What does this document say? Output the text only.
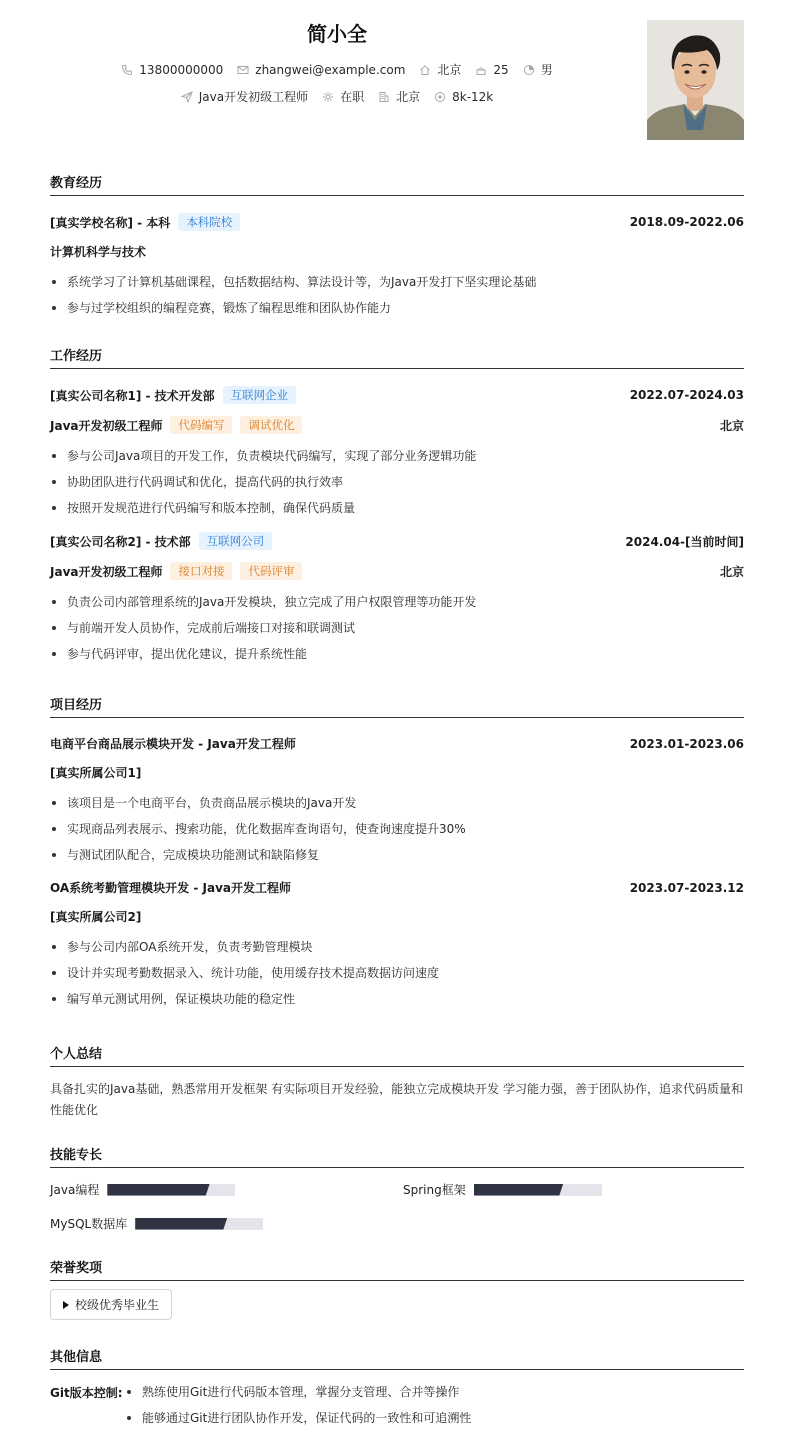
简小全
13800000000	zhangwei@example.com	北京	25	男
Java开发初级工程师	在职	北京	8k-12k
教育经历
[真实学校名称] - 本科	本科院校	2018.09-2022.06
计算机科学与技术
系统学习了计算机基础课程，包括数据结构、算法设计等，为Java开发打下坚实理论基础
参与过学校组织的编程竞赛，锻炼了编程思维和团队协作能力
工作经历
[真实公司名称1] - 技术开发部	互联网企业	2022.07-2024.03
Java开发初级工程师	代码编写	调试优化	北京
参与公司Java项目的开发工作，负责模块代码编写，实现了部分业务逻辑功能
协助团队进行代码调试和优化，提高代码的执行效率
按照开发规范进行代码编写和版本控制，确保代码质量
[真实公司名称2] - 技术部	互联网公司	2024.04-[当前时间]
Java开发初级工程师	接口对接	代码评审	北京
负责公司内部管理系统的Java开发模块，独立完成了用户权限管理等功能开发
与前端开发人员协作，完成前后端接口对接和联调测试
参与代码评审，提出优化建议，提升系统性能
项目经历
电商平台商品展示模块开发 - Java开发工程师	2023.01-2023.06
[真实所属公司1]
该项目是一个电商平台，负责商品展示模块的Java开发
实现商品列表展示、搜索功能，优化数据库查询语句，使查询速度提升30%
与测试团队配合，完成模块功能测试和缺陷修复
OA系统考勤管理模块开发 - Java开发工程师	2023.07-2023.12
[真实所属公司2]
参与公司内部OA系统开发，负责考勤管理模块
设计并实现考勤数据录入、统计功能，使用缓存技术提高数据访问速度
编写单元测试用例，保证模块功能的稳定性
个人总结
具备扎实的Java基础，熟悉常用开发框架 有实际项目开发经验，能独立完成模块开发 学习能力强，善于团队协作，追求代码质量和性能优化
技能专长
Java编程	Spring框架
MySQL数据库
荣誉奖项
校级优秀毕业生
其他信息
Git版本控制:	熟练使用Git进行代码版本管理，掌握分支管理、合并等操作
能够通过Git进行团队协作开发，保证代码的一致性和可追溯性
